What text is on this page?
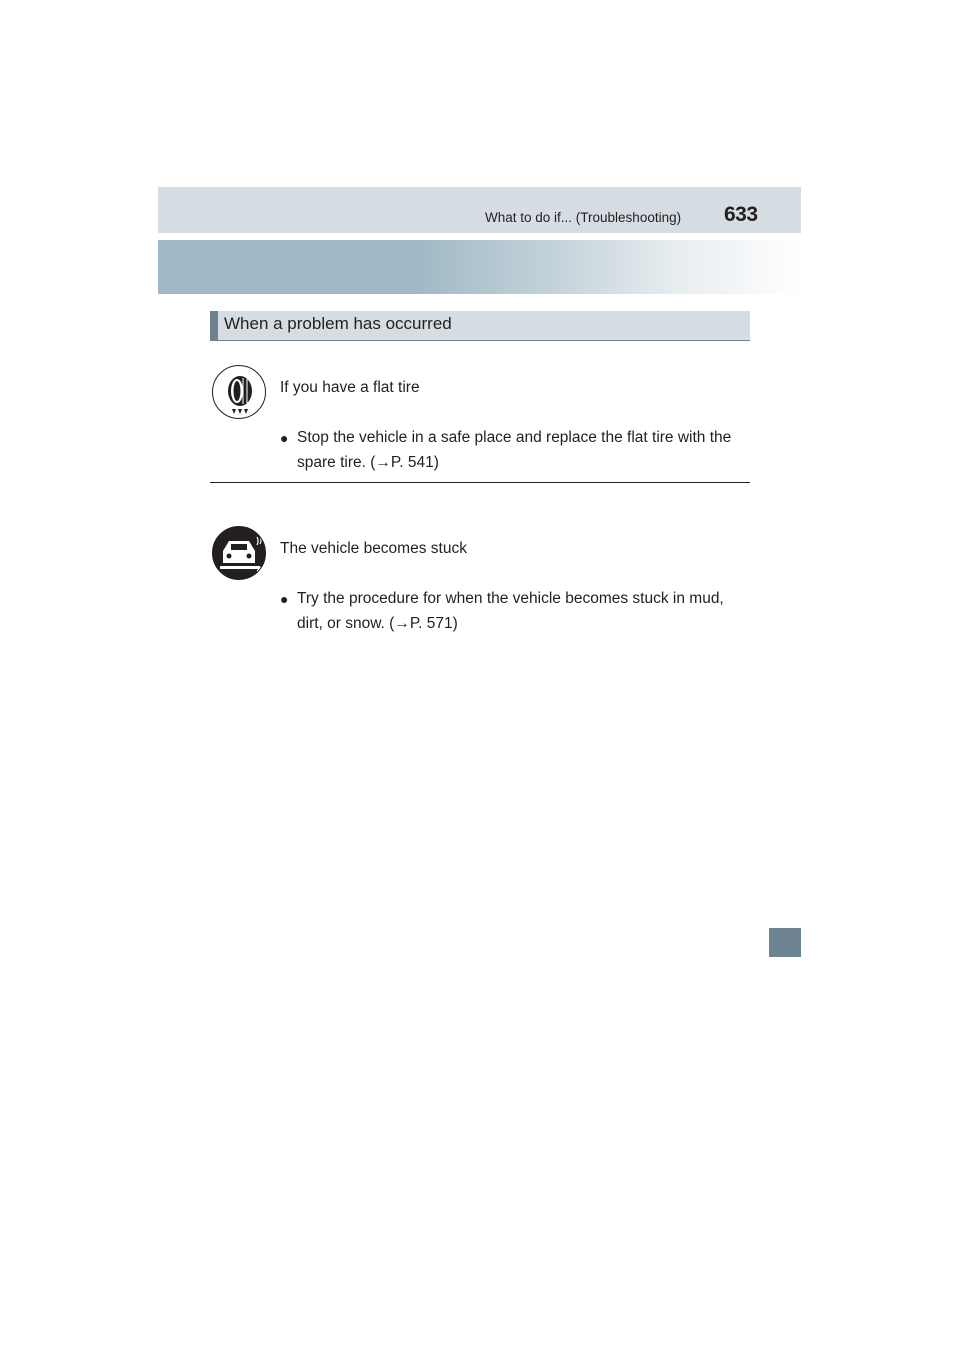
What to do if... (Troubleshooting) 633
When a problem has occurred
If you have a flat tire
● Stop the vehicle in a safe place and replace the flat tire with the spare tire. (→P. 541)
The vehicle becomes stuck
● Try the procedure for when the vehicle becomes stuck in mud, dirt, or snow. (→P. 571)
